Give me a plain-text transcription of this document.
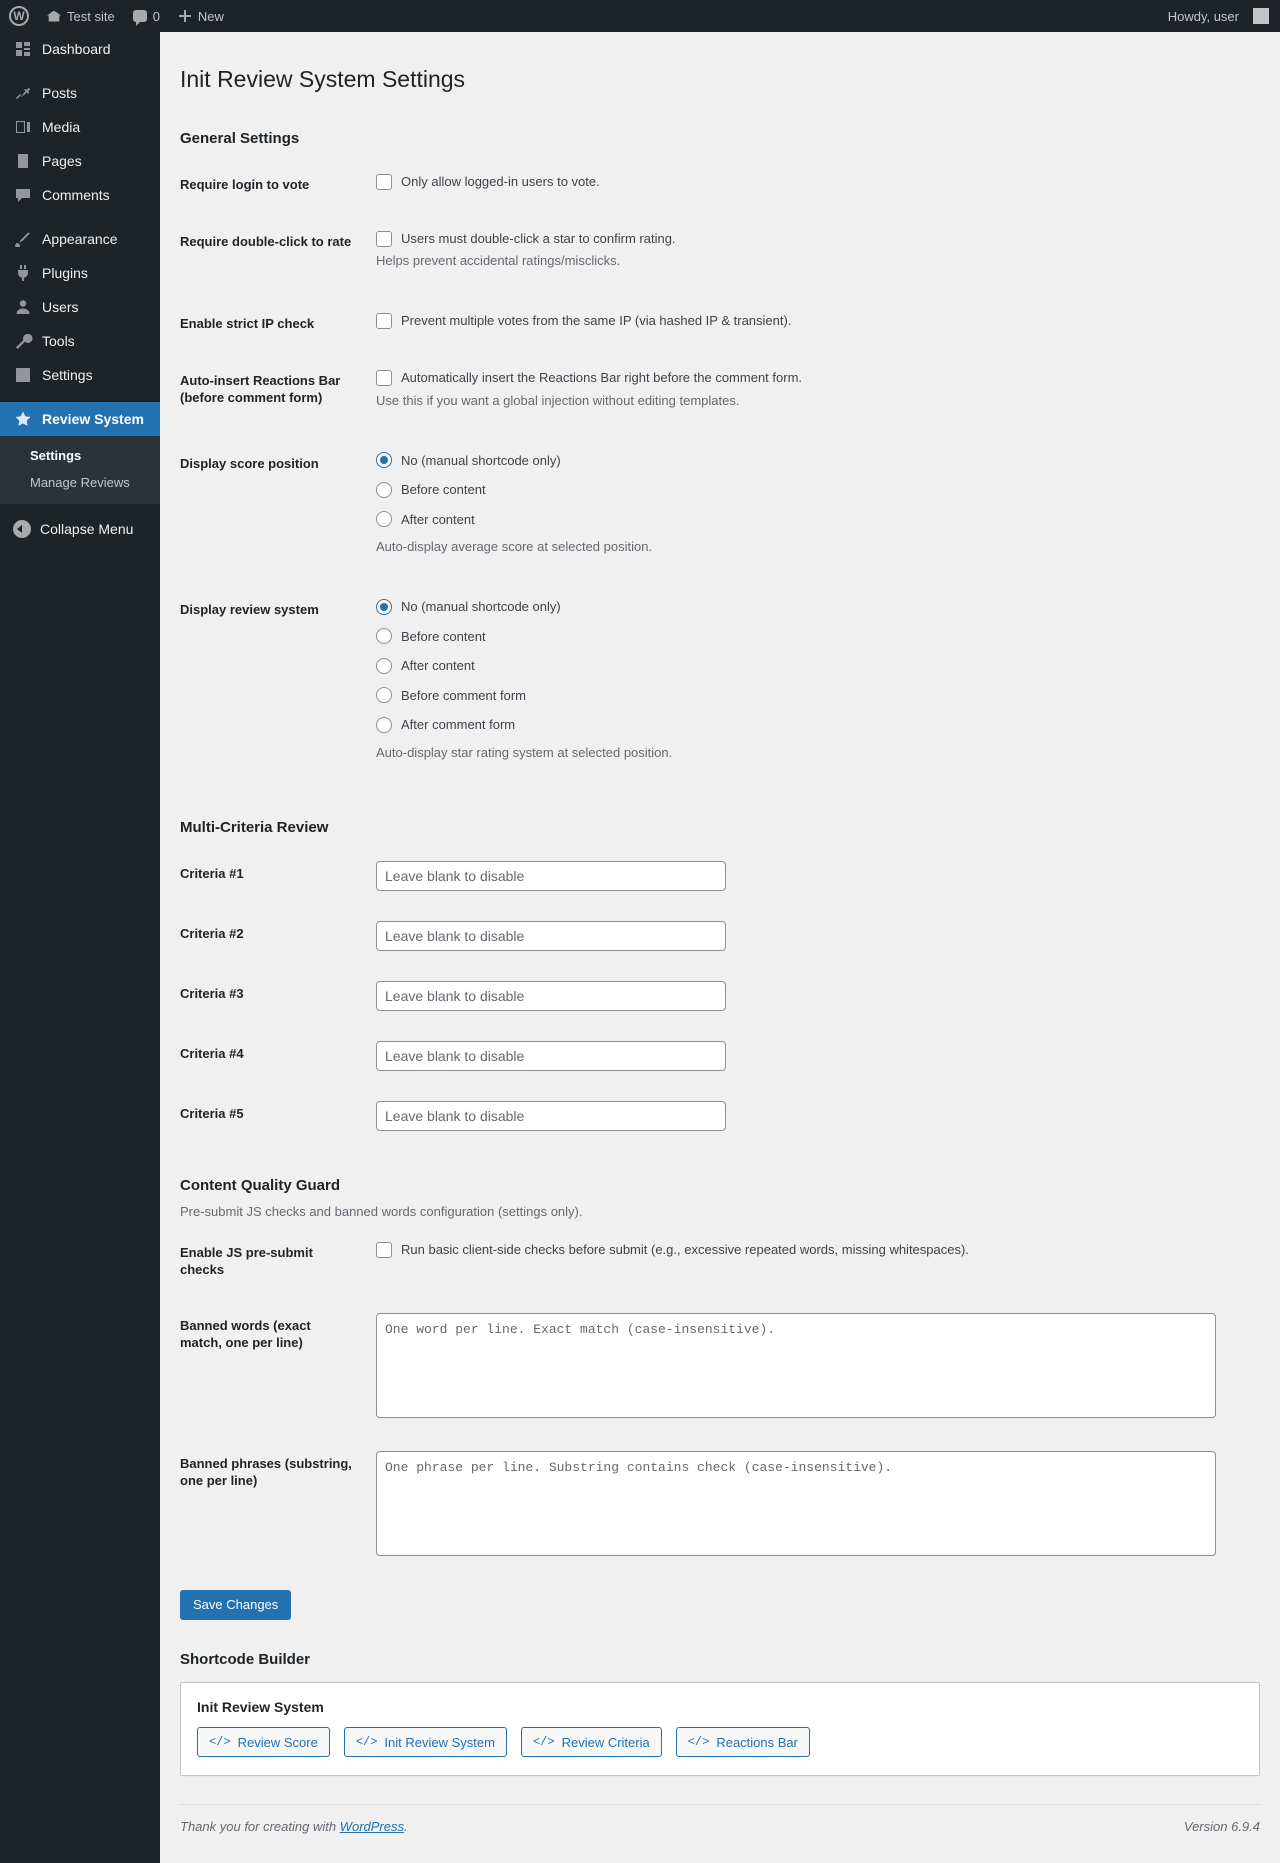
W
Test site	0	New	Howdy, user
Dashboard
Posts
Media
Pages
Comments
Appearance
Plugins
Users
Tools
Settings
Review System
Settings
Manage Reviews
Collapse Menu
Init Review System Settings
General Settings
Require login to vote	Only allow logged-in users to vote.

Require double-click to rate	Users must double-click a star to confirm rating.

Helps prevent accidental ratings/misclicks.

Enable strict IP check	Prevent multiple votes from the same IP (via hashed IP & transient).

Auto-insert Reactions Bar (before comment form)	Automatically insert the Reactions Bar right before the comment form.

Use this if you want a global injection without editing templates.

Display score position	No (manual shortcode only)
Before content
After content

Auto-display average score at selected position.

Display review system	No (manual shortcode only)
Before content
After content
Before comment form
After comment form

Auto-display star rating system at selected position.

Multi-Criteria Review
Criteria #1	Leave blank to disable
Criteria #2	Leave blank to disable
Criteria #3	Leave blank to disable
Criteria #4	Leave blank to disable
Criteria #5	Leave blank to disable
Content Quality Guard

Pre-submit JS checks and banned words configuration (settings only).

Enable JS pre-submit checks	Run basic client-side checks before submit (e.g., excessive repeated words, missing whitespaces).

Banned words (exact match, one per line)	One word per line. Exact match (case-insensitive).
Banned phrases (substring, one per line)	One phrase per line. Substring contains check (case-insensitive).
Save Changes
Shortcode Builder
Init Review System
</> Review Score	</> Init Review System	</> Review Criteria	</> Reactions Bar
Thank you for creating with WordPress.	Version 6.9.4
